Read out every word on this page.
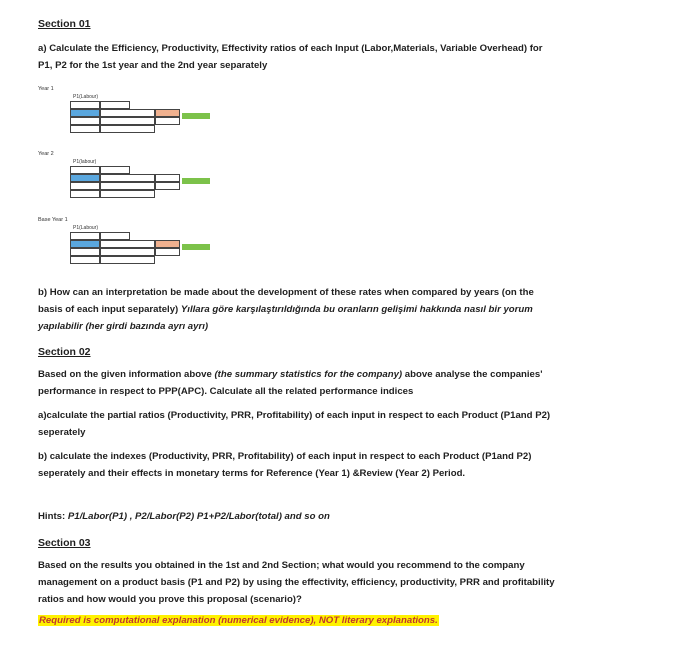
Section 01

a) Calculate the Efficiency, Productivity, Effectivity ratios of each Input (Labor,Materials, Variable Overhead) for P1, P2 for the 1st year and the 2nd year separately

Year 1
P1(Labour)
Year 2
P1(labour)
Base Year 1
P1(Labour)

b) How can an interpretation be made about the development of these rates when compared by years (on the basis of each input separately) Yıllara göre karşılaştırıldığında bu oranların gelişimi hakkında nasıl bir yorum yapılabilir (her girdi bazında ayrı ayrı)

Section 02

Based on the given information above (the summary statistics for the company) above analyse the companies' performance in respect to PPP(APC). Calculate all the related performance indices

a)calculate the partial ratios (Productivity, PRR, Profitability) of each input in respect to each Product (P1and P2) seperately

b) calculate the indexes (Productivity, PRR, Profitability) of each input in respect to each Product (P1and P2) seperately and their effects in monetary terms for Reference (Year 1) &Review (Year 2) Period.

Hints: P1/Labor(P1) , P2/Labor(P2) P1+P2/Labor(total) and so on

Section 03

Based on the results you obtained in the 1st and 2nd Section; what would you recommend to the company management on a product basis (P1 and P2) by using the effectivity, efficiency, productivity, PRR and profitability ratios and how would you prove this proposal (scenario)?

Required is computational explanation (numerical evidence), NOT literary explanations.
